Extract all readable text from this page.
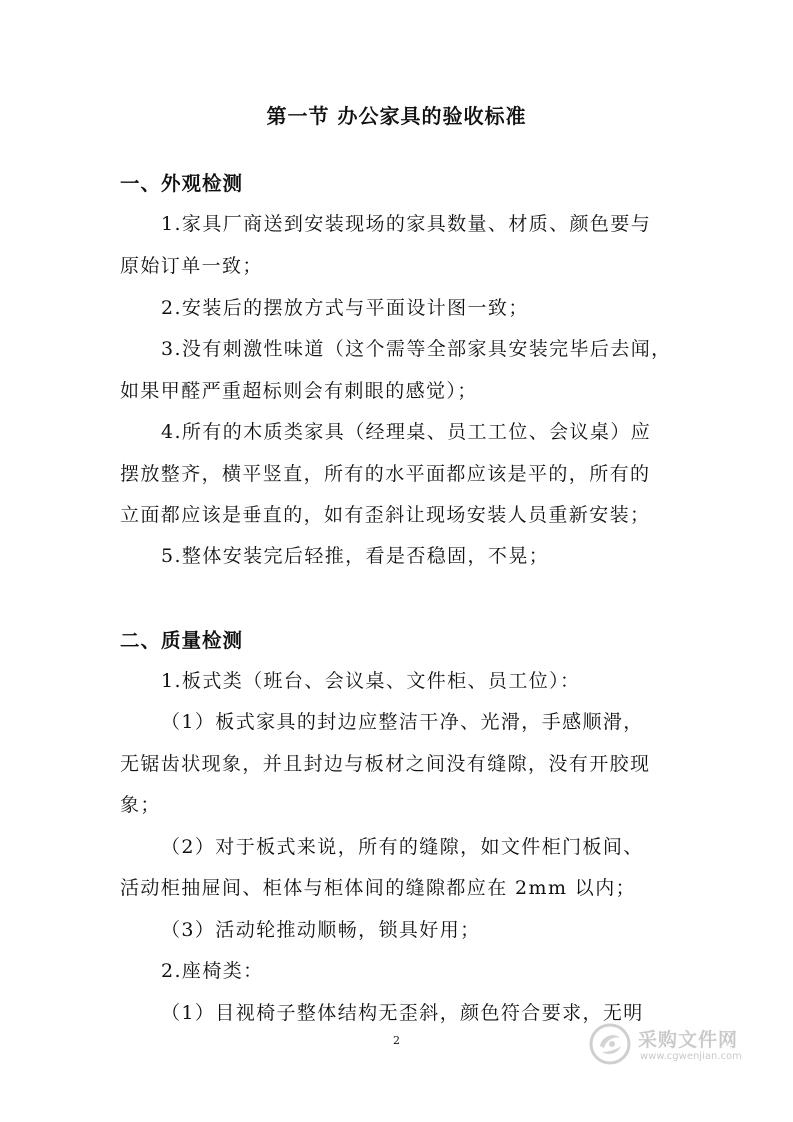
第一节 办公家具的验收标准
一、外观检测
1.家具厂商送到安装现场的家具数量、材质、颜色要与
原始订单一致；
2.安装后的摆放方式与平面设计图一致；
3.没有刺激性味道（这个需等全部家具安装完毕后去闻，
如果甲醛严重超标则会有刺眼的感觉）；
4.所有的木质类家具（经理桌、员工工位、会议桌）应
摆放整齐，横平竖直，所有的水平面都应该是平的，所有的
立面都应该是垂直的，如有歪斜让现场安装人员重新安装；
5.整体安装完后轻推，看是否稳固，不晃；
二、质量检测
1.板式类（班台、会议桌、文件柜、员工位）：
（1）板式家具的封边应整洁干净、光滑，手感顺滑，
无锯齿状现象，并且封边与板材之间没有缝隙，没有开胶现
象；
（2）对于板式来说，所有的缝隙，如文件柜门板间、
活动柜抽屉间、柜体与柜体间的缝隙都应在 2mm 以内；
（3）活动轮推动顺畅，锁具好用；
2.座椅类：
（1）目视椅子整体结构无歪斜，颜色符合要求，无明
2	采购文件网
www.cgwenjian.com
